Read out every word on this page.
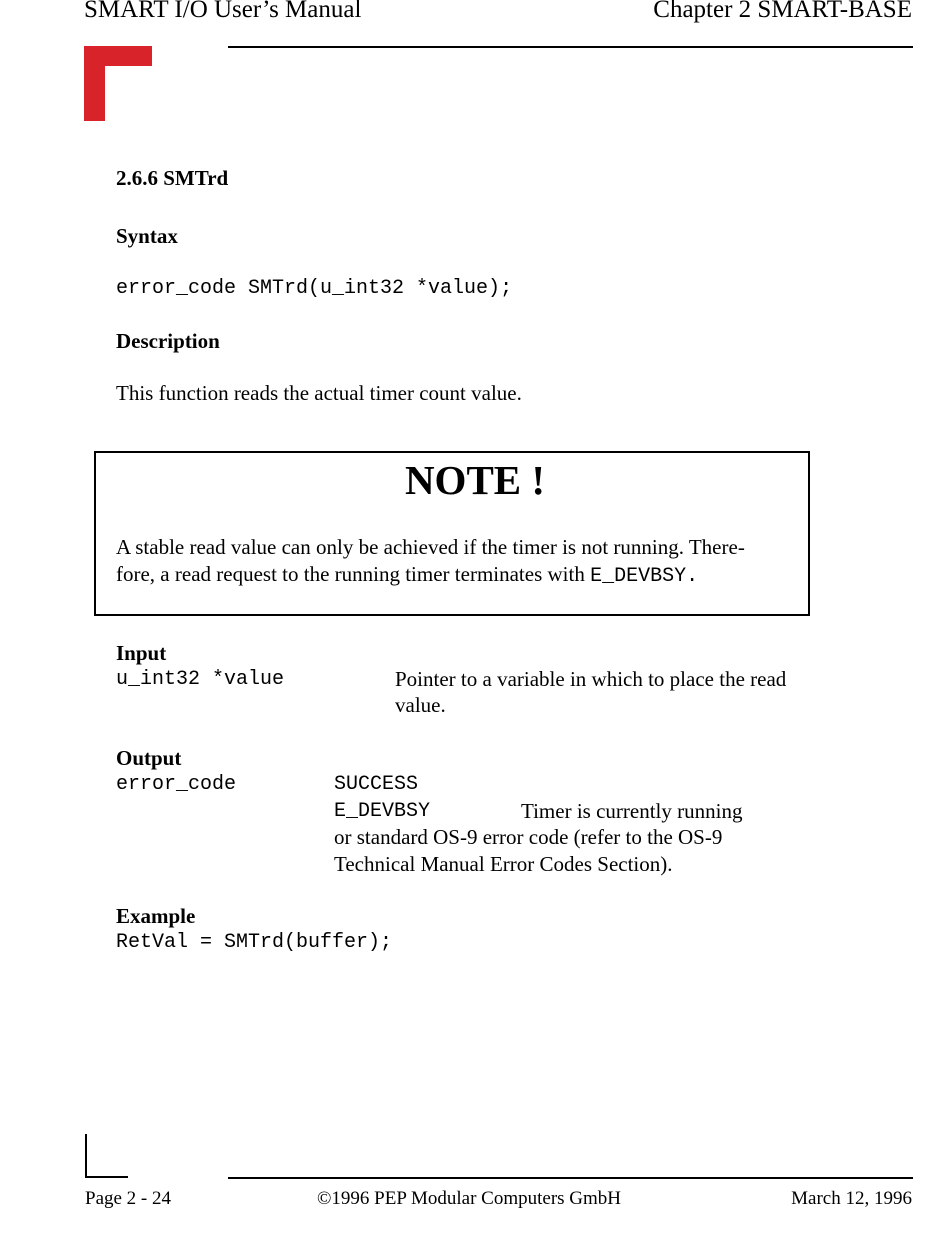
SMART I/O User’s Manual	Chapter 2 SMART-BASE
2.6.6 SMTrd
Syntax
error_code SMTrd(u_int32 *value);
Description
This function reads the actual timer count value.
NOTE !
A stable read value can only be achieved if the timer is not running. There-
fore, a read request to the running timer terminates with E_DEVBSY.
Input
u_int32 *value	Pointer to a variable in which to place the read
value.
Output
error_code	SUCCESS
E_DEVBSY	Timer is currently running
or standard OS-9 error code (refer to the OS-9
Technical Manual Error Codes Section).
Example
RetVal = SMTrd(buffer);
Page 2 - 24	©1996 PEP Modular Computers GmbH	March 12, 1996
